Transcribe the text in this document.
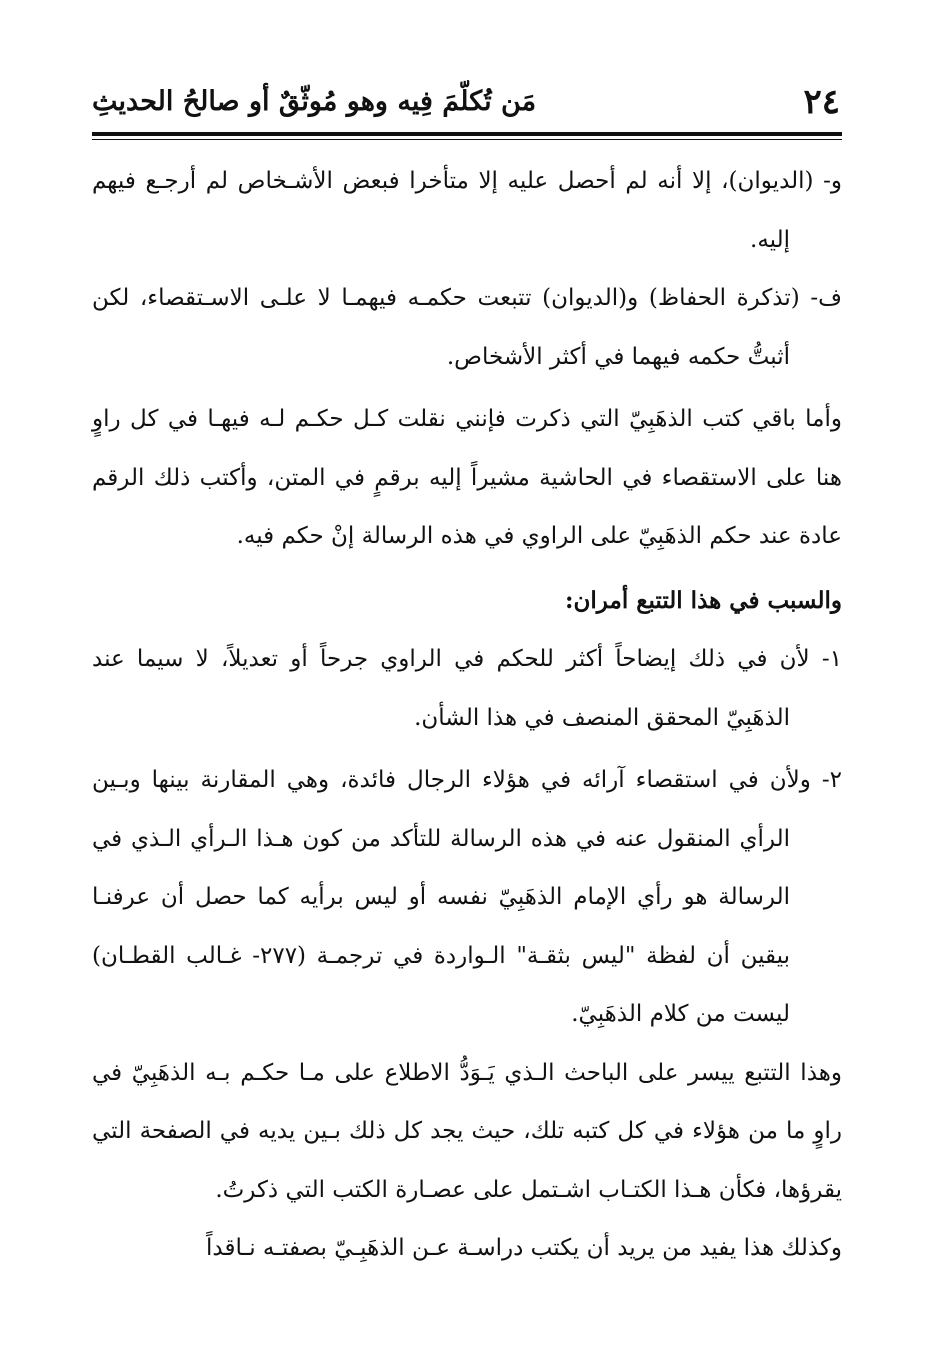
٢٤
مَن تُكلّمَ فِيه وهو مُوثّقٌ أو صالحُ الحديثِ

و- (الديوان)، إلا أنه لم أحصل عليه إلا متأخرا فبعض الأشـخاص لم أرجـع فيهم إليه.

ف- (تذكرة الحفاظ) و(الديوان) تتبعت حكمـه فيهمـا لا علـى الاسـتقصاء، لكن أثبتُّ حكمه فيهما في أكثر الأشخاص.

وأما باقي كتب الذهَبِيّ التي ذكرت فإنني نقلت كـل حكـم لـه فيهـا في كل راوٍ هنا على الاستقصاء في الحاشية مشيراً إليه برقمٍ في المتن، وأكتب ذلك الرقم عادة عند حكم الذهَبِيّ على الراوي في هذه الرسالة إنْ حكم فيه.

والسبب في هذا التتبع أمران:

١- لأن في ذلك إيضاحاً أكثر للحكم في الراوي جرحاً أو تعديلاً، لا سيما عند الذهَبِيّ المحقق المنصف في هذا الشأن.

٢- ولأن في استقصاء آرائه في هؤلاء الرجال فائدة، وهي المقارنة بينها وبـين الرأي المنقول عنه في هذه الرسالة للتأكد من كون هـذا الـرأي الـذي في الرسالة هو رأي الإمام الذهَبِيّ نفسه أو ليس برأيه كما حصل أن عرفنـا بيقين أن لفظة "ليس بثقـة" الـواردة في ترجمـة (٢٧٧- غـالب القطـان) ليست من كلام الذهَبِيّ.

وهذا التتبع ييسر على الباحث الـذي يَـوَدُّ الاطلاع على مـا حكـم بـه الذهَبِيّ في راوٍ ما من هؤلاء في كل كتبه تلك، حيث يجد كل ذلك بـين يديه في الصفحة التي يقرؤها، فكأن هـذا الكتـاب اشـتمل على عصـارة الكتب التي ذكرتُ.

وكذلك هذا يفيد من يريد أن يكتب دراسـة عـن الذهَبِـيّ بصفتـه نـاقداً
